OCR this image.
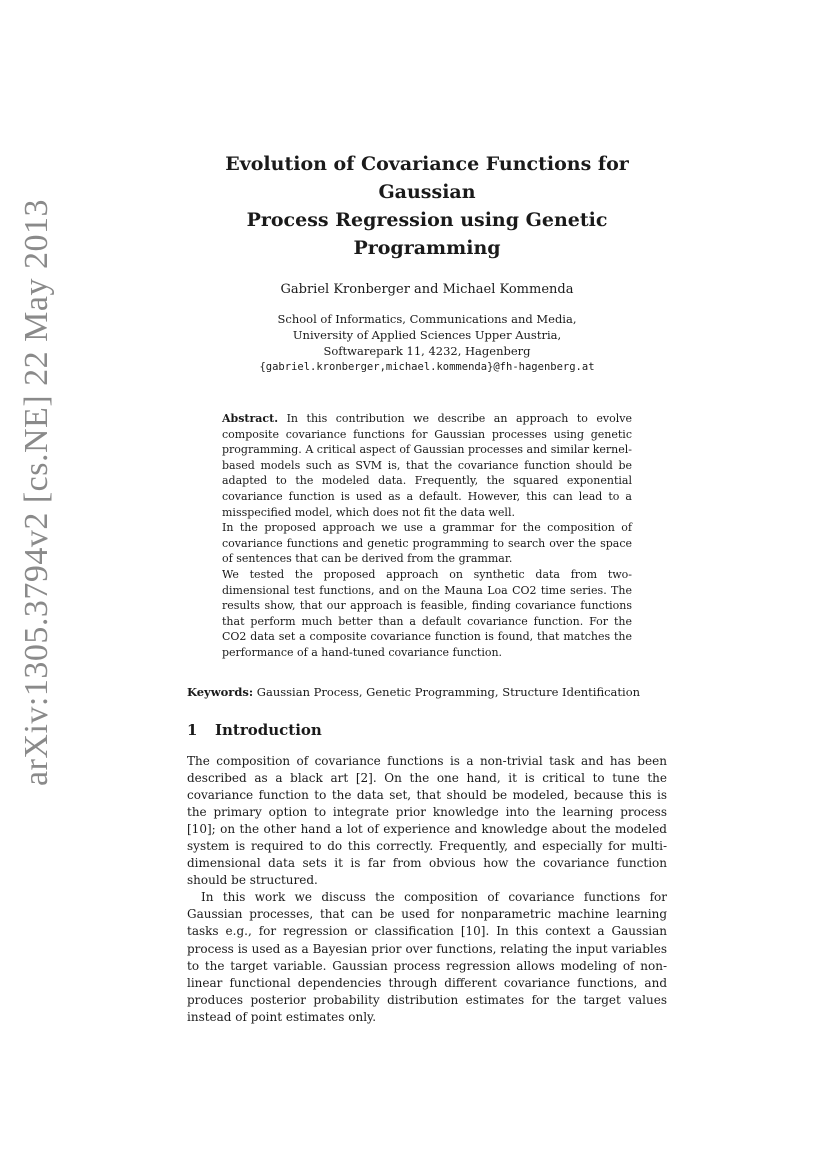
arXiv:1305.3794v2 [cs.NE] 22 May 2013
Evolution of Covariance Functions for Gaussian
Process Regression using Genetic Programming
Gabriel Kronberger and Michael Kommenda
School of Informatics, Communications and Media,
University of Applied Sciences Upper Austria,
Softwarepark 11, 4232, Hagenberg
{gabriel.kronberger,michael.kommenda}@fh-hagenberg.at

Abstract. In this contribution we describe an approach to evolve composite covariance functions for Gaussian processes using genetic programming. A critical aspect of Gaussian processes and similar kernel-based models such as SVM is, that the covariance function should be adapted to the modeled data. Frequently, the squared exponential covariance function is used as a default. However, this can lead to a misspecified model, which does not fit the data well.

In the proposed approach we use a grammar for the composition of covariance functions and genetic programming to search over the space of sentences that can be derived from the grammar.

We tested the proposed approach on synthetic data from two-dimensional test functions, and on the Mauna Loa CO2 time series. The results show, that our approach is feasible, finding covariance functions that perform much better than a default covariance function. For the CO2 data set a composite covariance function is found, that matches the performance of a hand-tuned covariance function.

Keywords: Gaussian Process, Genetic Programming, Structure Identification
1 Introduction

The composition of covariance functions is a non-trivial task and has been described as a black art [2]. On the one hand, it is critical to tune the covariance function to the data set, that should be modeled, because this is the primary option to integrate prior knowledge into the learning process [10]; on the other hand a lot of experience and knowledge about the modeled system is required to do this correctly. Frequently, and especially for multi-dimensional data sets it is far from obvious how the covariance function should be structured.

In this work we discuss the composition of covariance functions for Gaussian processes, that can be used for nonparametric machine learning tasks e.g., for regression or classification [10]. In this context a Gaussian process is used as a Bayesian prior over functions, relating the input variables to the target variable. Gaussian process regression allows modeling of non-linear functional dependencies through different covariance functions, and produces posterior probability distribution estimates for the target values instead of point estimates only.
